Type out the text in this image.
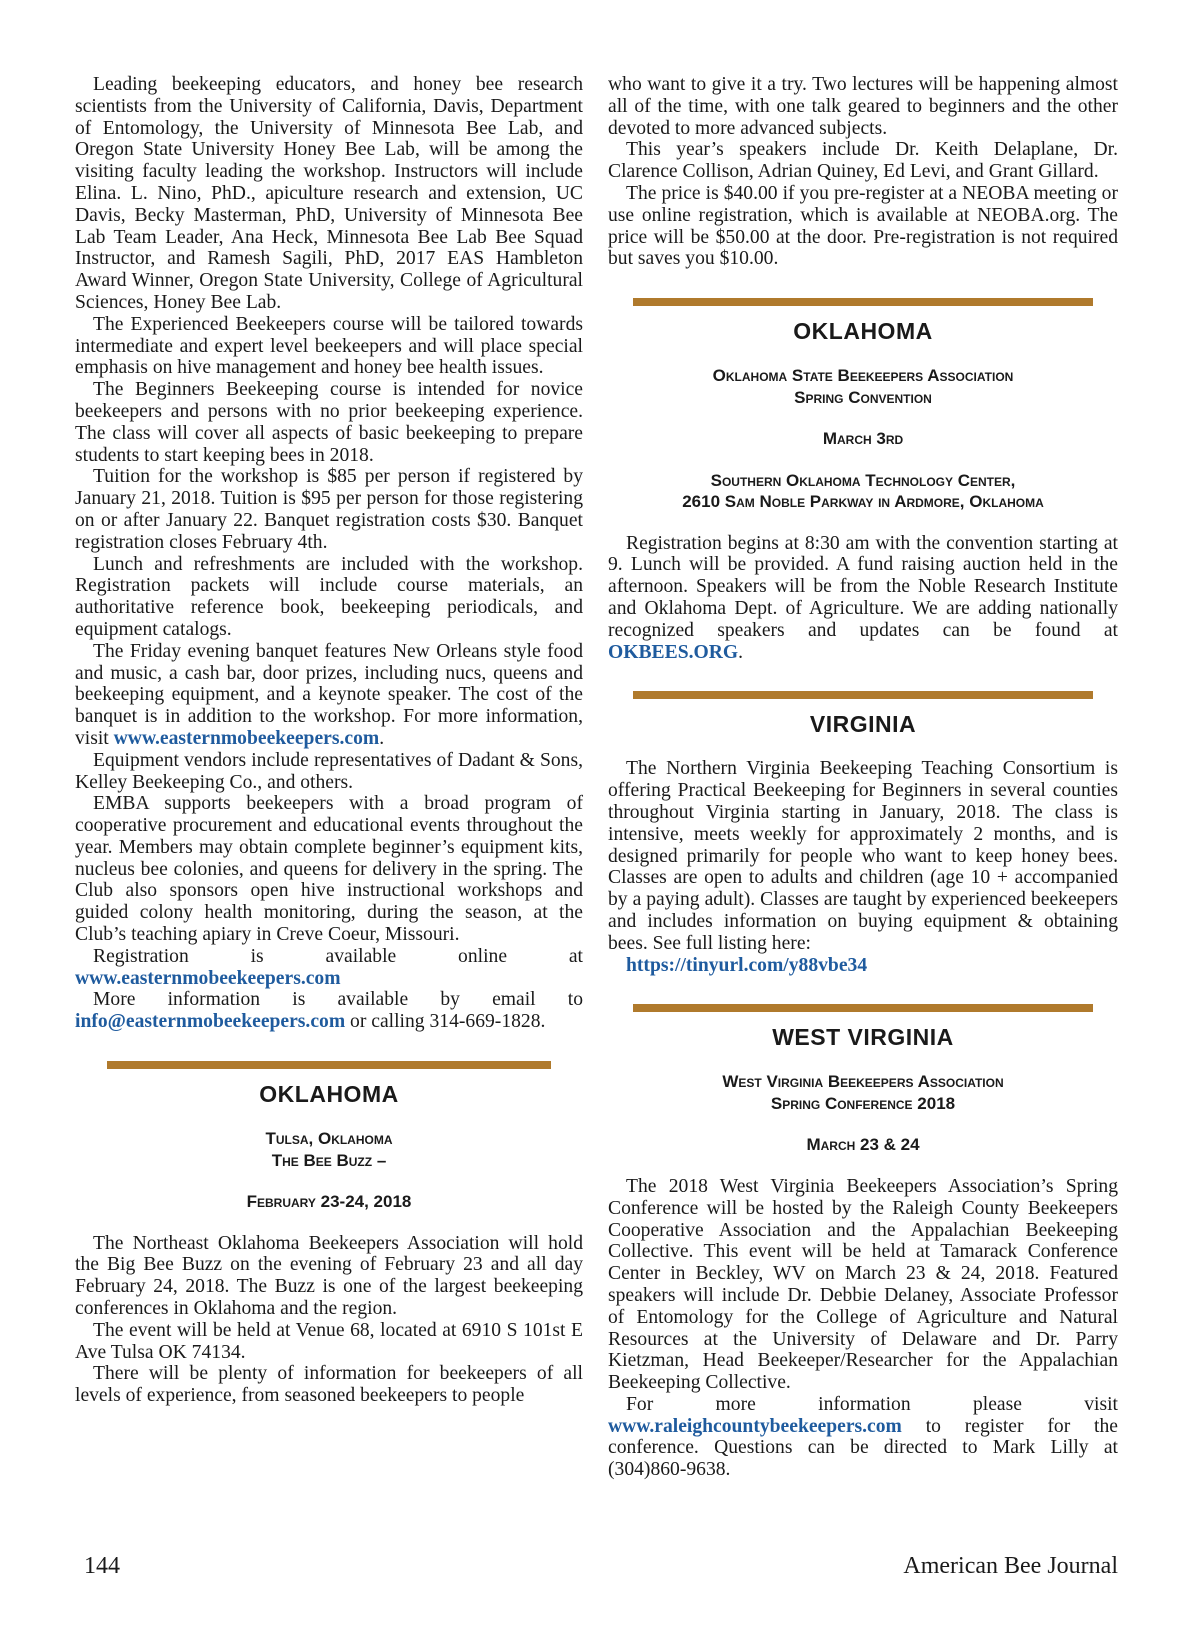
Leading beekeeping educators, and honey bee research scientists from the University of California, Davis, Department of Entomology, the University of Minnesota Bee Lab, and Oregon State University Honey Bee Lab, will be among the visiting faculty leading the workshop. Instructors will include Elina. L. Nino, PhD., apiculture research and extension, UC Davis, Becky Masterman, PhD, University of Minnesota Bee Lab Team Leader, Ana Heck, Minnesota Bee Lab Bee Squad Instructor, and Ramesh Sagili, PhD, 2017 EAS Hambleton Award Winner, Oregon State University, College of Agricultural Sciences, Honey Bee Lab.

The Experienced Beekeepers course will be tailored towards intermediate and expert level beekeepers and will place special emphasis on hive management and honey bee health issues.

The Beginners Beekeeping course is intended for novice beekeepers and persons with no prior beekeeping experience. The class will cover all aspects of basic beekeeping to prepare students to start keeping bees in 2018.

Tuition for the workshop is $85 per person if registered by January 21, 2018. Tuition is $95 per person for those registering on or after January 22. Banquet registration costs $30. Banquet registration closes February 4th.

Lunch and refreshments are included with the workshop. Registration packets will include course materials, an authoritative reference book, beekeeping periodicals, and equipment catalogs.

The Friday evening banquet features New Orleans style food and music, a cash bar, door prizes, including nucs, queens and beekeeping equipment, and a keynote speaker. The cost of the banquet is in addition to the workshop. For more information, visit www.easternmobeekeepers.com.

Equipment vendors include representatives of Dadant & Sons, Kelley Beekeeping Co., and others.

EMBA supports beekeepers with a broad program of cooperative procurement and educational events throughout the year. Members may obtain complete beginner’s equipment kits, nucleus bee colonies, and queens for delivery in the spring. The Club also sponsors open hive instructional workshops and guided colony health monitoring, during the season, at the Club’s teaching apiary in Creve Coeur, Missouri.

Registration is available online at www.easternmobeekeepers.com

More information is available by email to info@easternmobeekeepers.com or calling 314-669-1828.

OKLAHOMA

Tulsa, Oklahoma

The Bee Buzz –

February 23-24, 2018

The Northeast Oklahoma Beekeepers Association will hold the Big Bee Buzz on the evening of February 23 and all day February 24, 2018. The Buzz is one of the largest beekeeping conferences in Oklahoma and the region.

The event will be held at Venue 68, located at 6910 S 101st E Ave Tulsa OK 74134.

There will be plenty of information for beekeepers of all levels of experience, from seasoned beekeepers to people

who want to give it a try. Two lectures will be happening almost all of the time, with one talk geared to beginners and the other devoted to more advanced subjects.

This year’s speakers include Dr. Keith Delaplane, Dr. Clarence Collison, Adrian Quiney, Ed Levi, and Grant Gillard.

The price is $40.00 if you pre-register at a NEOBA meeting or use online registration, which is available at NEOBA.org. The price will be $50.00 at the door. Pre-registration is not required but saves you $10.00.

OKLAHOMA

Oklahoma State Beekeepers Association

Spring Convention

March 3rd

Southern Oklahoma Technology Center,

2610 Sam Noble Parkway in Ardmore, Oklahoma

Registration begins at 8:30 am with the convention starting at 9. Lunch will be provided. A fund raising auction held in the afternoon. Speakers will be from the Noble Research Institute and Oklahoma Dept. of Agriculture. We are adding nationally recognized speakers and updates can be found at OKBEES.ORG.

VIRGINIA

The Northern Virginia Beekeeping Teaching Consortium is offering Practical Beekeeping for Beginners in several counties throughout Virginia starting in January, 2018. The class is intensive, meets weekly for approximately 2 months, and is designed primarily for people who want to keep honey bees. Classes are open to adults and children (age 10 + accompanied by a paying adult). Classes are taught by experienced beekeepers and includes information on buying equipment & obtaining bees. See full listing here:

https://tinyurl.com/y88vbe34

WEST VIRGINIA

West Virginia Beekeepers Association

Spring Conference 2018

March 23 & 24

The 2018 West Virginia Beekeepers Association’s Spring Conference will be hosted by the Raleigh County Beekeepers Cooperative Association and the Appalachian Beekeeping Collective. This event will be held at Tamarack Conference Center in Beckley, WV on March 23 & 24, 2018. Featured speakers will include Dr. Debbie Delaney, Associate Professor of Entomology for the College of Agriculture and Natural Resources at the University of Delaware and Dr. Parry Kietzman, Head Beekeeper/Researcher for the Appalachian Beekeeping Collective.

For more information please visit www.raleighcountybeekeepers.com to register for the conference. Questions can be directed to Mark Lilly at (304)860-9638.

144	American Bee Journal
